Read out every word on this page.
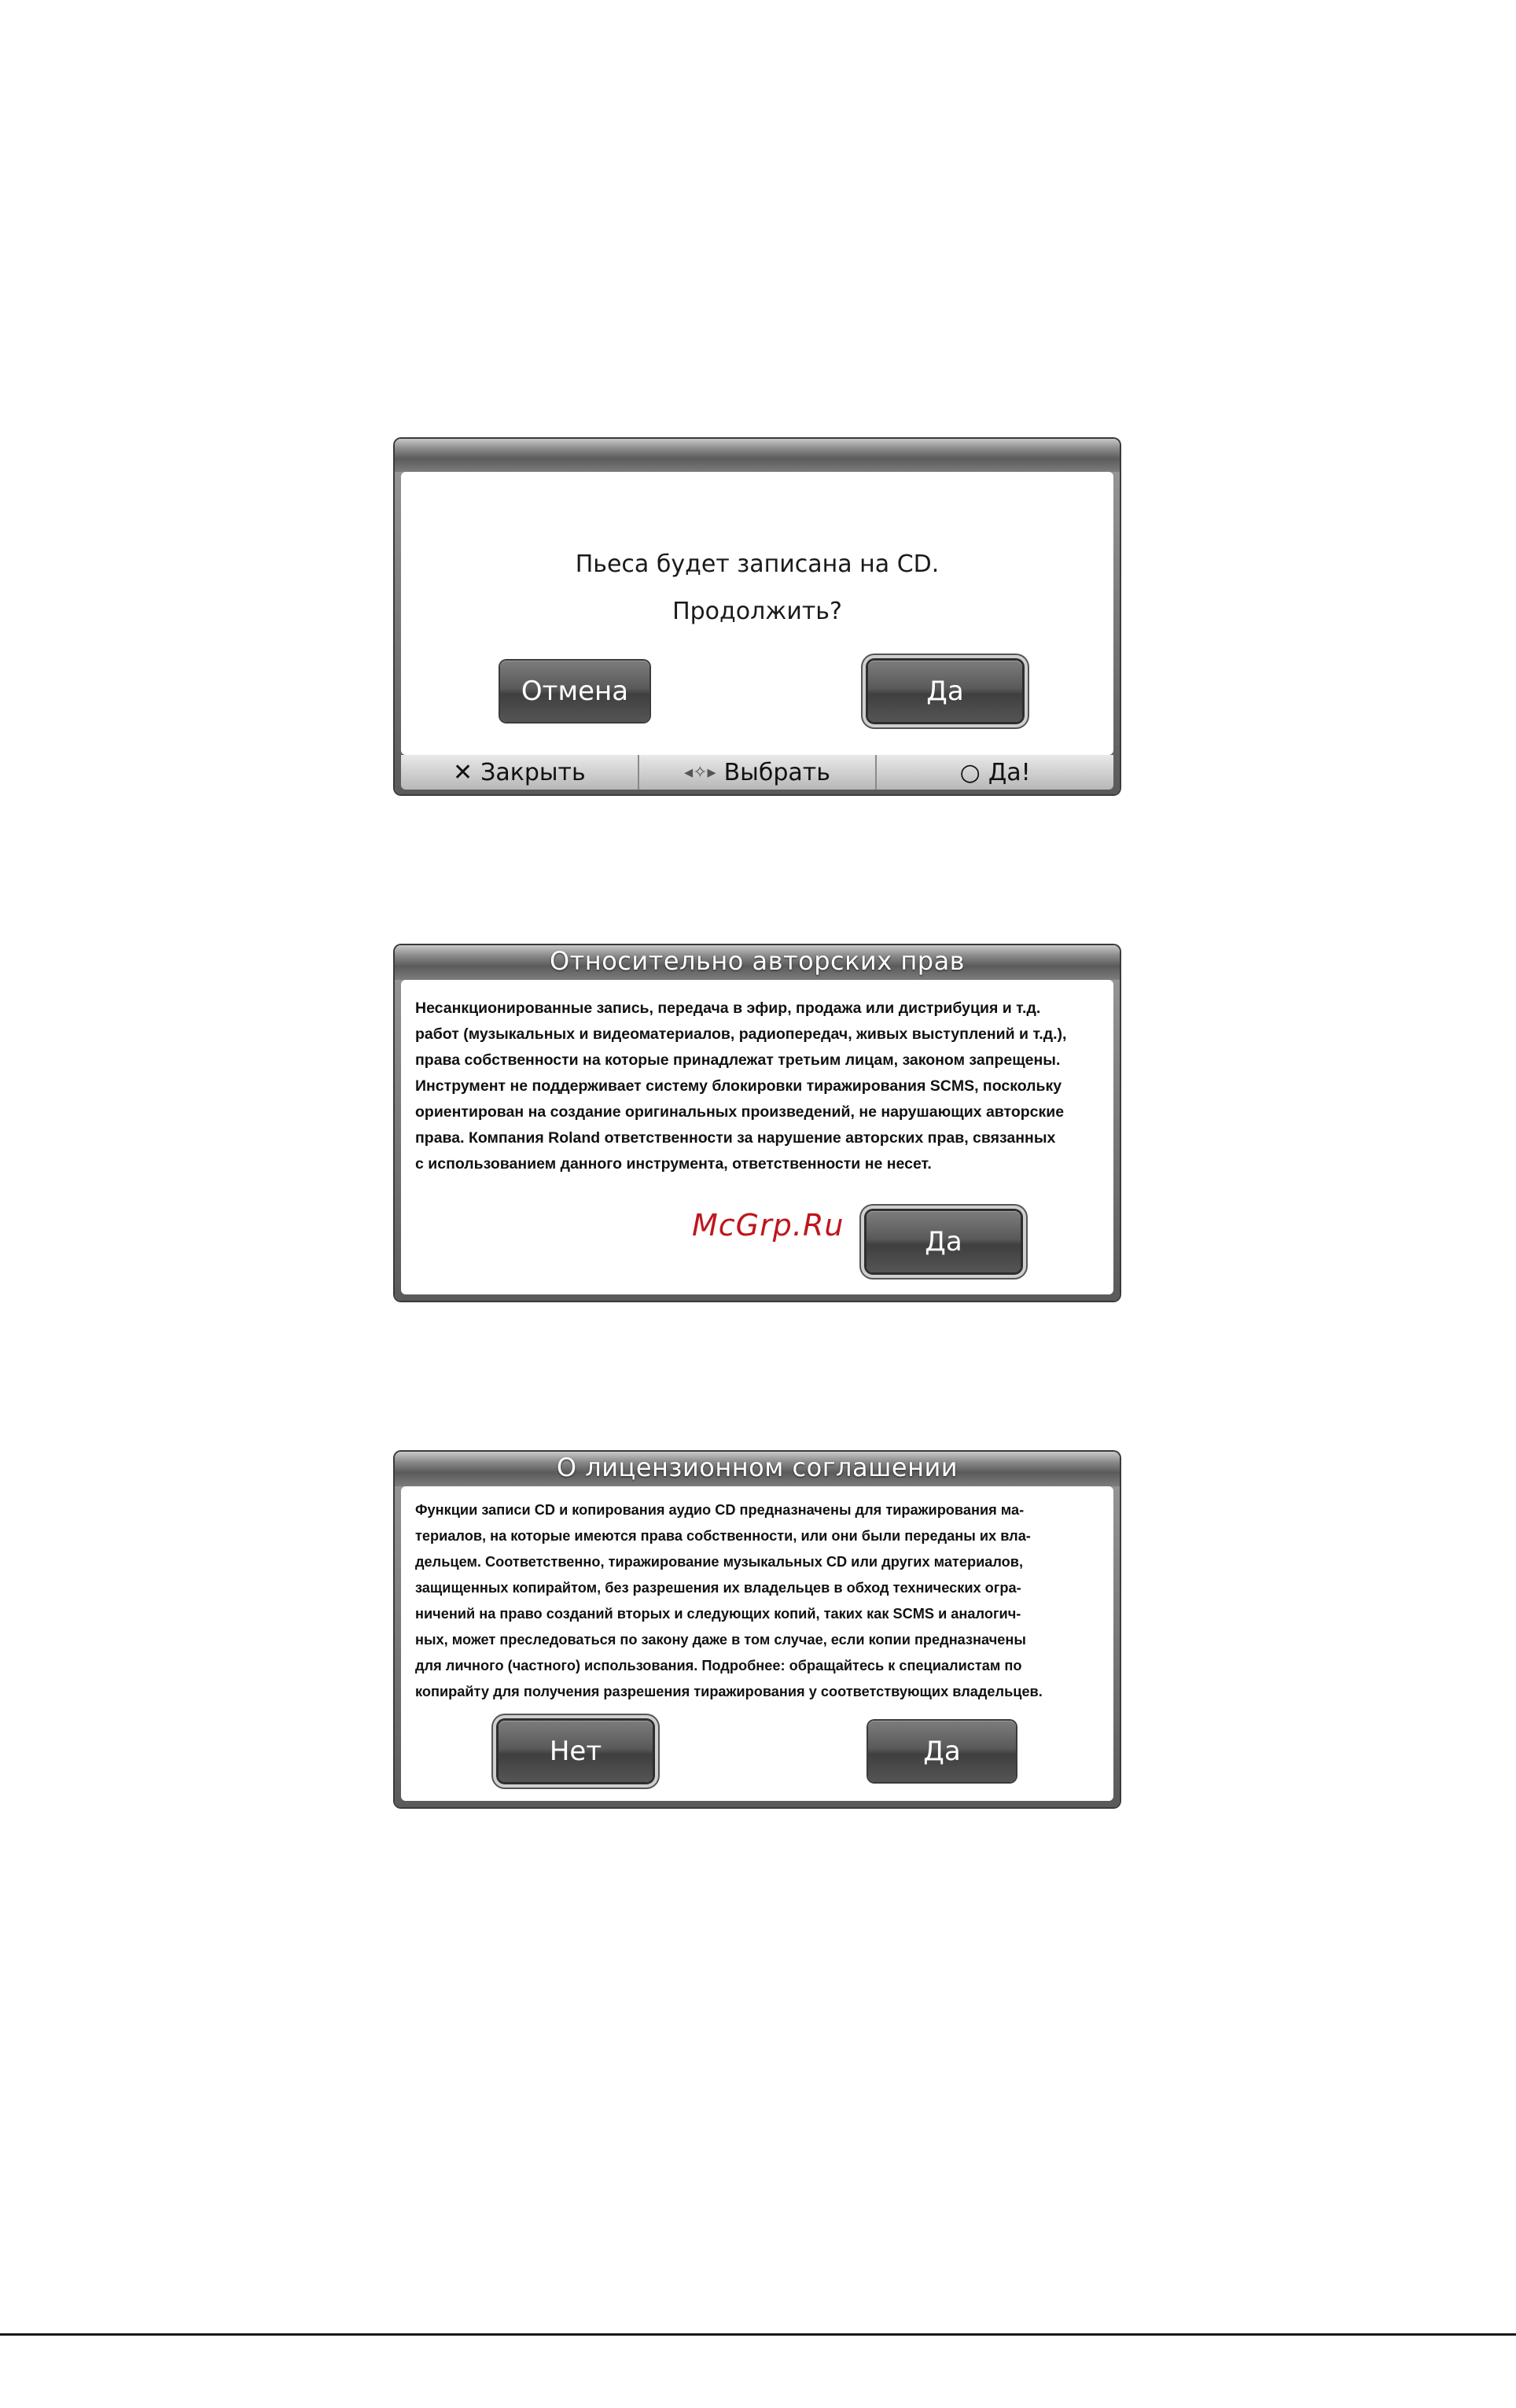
Пьеса будет записана на CD.
Продолжить?
Отмена	Да
✕ Закрыть	◂✧▸ Выбрать	○ Да!
Относительно авторских прав
Несанкционированные запись, передача в эфир, продажа или дистрибуция и т.д.
работ (музыкальных и видеоматериалов, радиопередач, живых выступлений и т.д.),
права собственности на которые принадлежат третьим лицам, законом запрещены.
Инструмент не поддерживает систему блокировки тиражирования SCMS, поскольку
ориентирован на создание оригинальных произведений, не нарушающих авторские
права. Компания Roland ответственности за нарушение авторских прав, связанных
с использованием данного инструмента, ответственности не несет.
McGrp.Ru	Да
О лицензионном соглашении
Функции записи CD и копирования аудио CD предназначены для тиражирования ма-
териалов, на которые имеются права собственности, или они были переданы их вла-
дельцем. Соответственно, тиражирование музыкальных CD или других материалов,
защищенных копирайтом, без разрешения их владельцев в обход технических огра-
ничений на право созданий вторых и следующих копий, таких как SCMS и аналогич-
ных, может преследоваться по закону даже в том случае, если копии предназначены
для личного (частного) использования. Подробнее: обращайтесь к специалистам по
копирайту для получения разрешения тиражирования у соответствующих владельцев.
Нет	Да
